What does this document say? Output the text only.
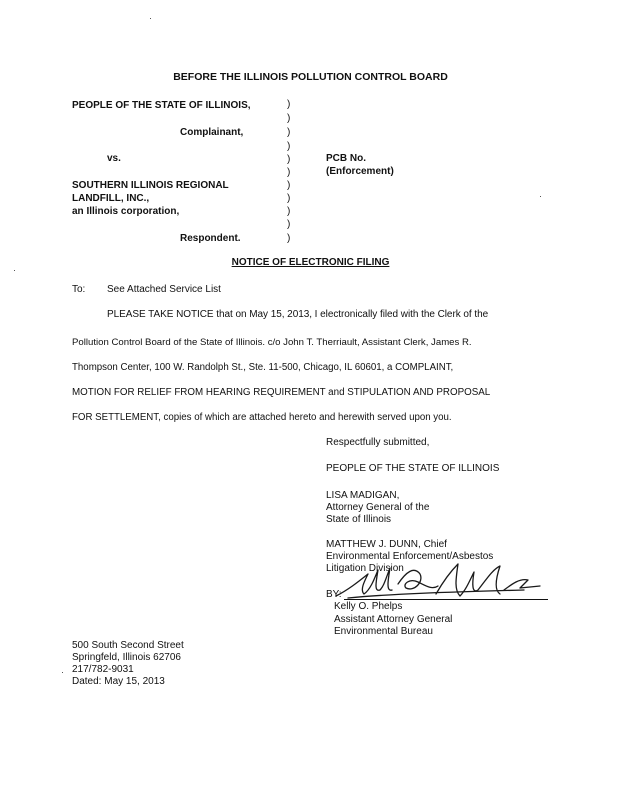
BEFORE THE ILLINOIS POLLUTION CONTROL BOARD
PEOPLE OF THE STATE OF ILLINOIS,
Complainant,
vs.
SOUTHERN ILLINOIS REGIONAL
LANDFILL, INC.,
an Illinois corporation,
Respondent.
)
)
)
)
)
)
)
)
)
)
)
PCB No.
(Enforcement)
NOTICE OF ELECTRONIC FILING
To: See Attached Service List
PLEASE TAKE NOTICE that on May 15, 2013, I electronically filed with the Clerk of the
Pollution Control Board of the State of Illinois. c/o John T. Therriault, Assistant Clerk, James R.
Thompson Center, 100 W. Randolph St., Ste. 11-500, Chicago, IL 60601, a COMPLAINT,
MOTION FOR RELIEF FROM HEARING REQUIREMENT and STIPULATION AND PROPOSAL
FOR SETTLEMENT, copies of which are attached hereto and herewith served upon you.
Respectfully submitted,
PEOPLE OF THE STATE OF ILLINOIS
LISA MADIGAN,
Attorney General of the
State of Illinois
MATTHEW J. DUNN, Chief
Environmental Enforcement/Asbestos
Litigation Division
BY:
Kelly O. Phelps
Assistant Attorney General
Environmental Bureau
500 South Second Street
Springfeld, Illinois 62706
217/782-9031
Dated: May 15, 2013
